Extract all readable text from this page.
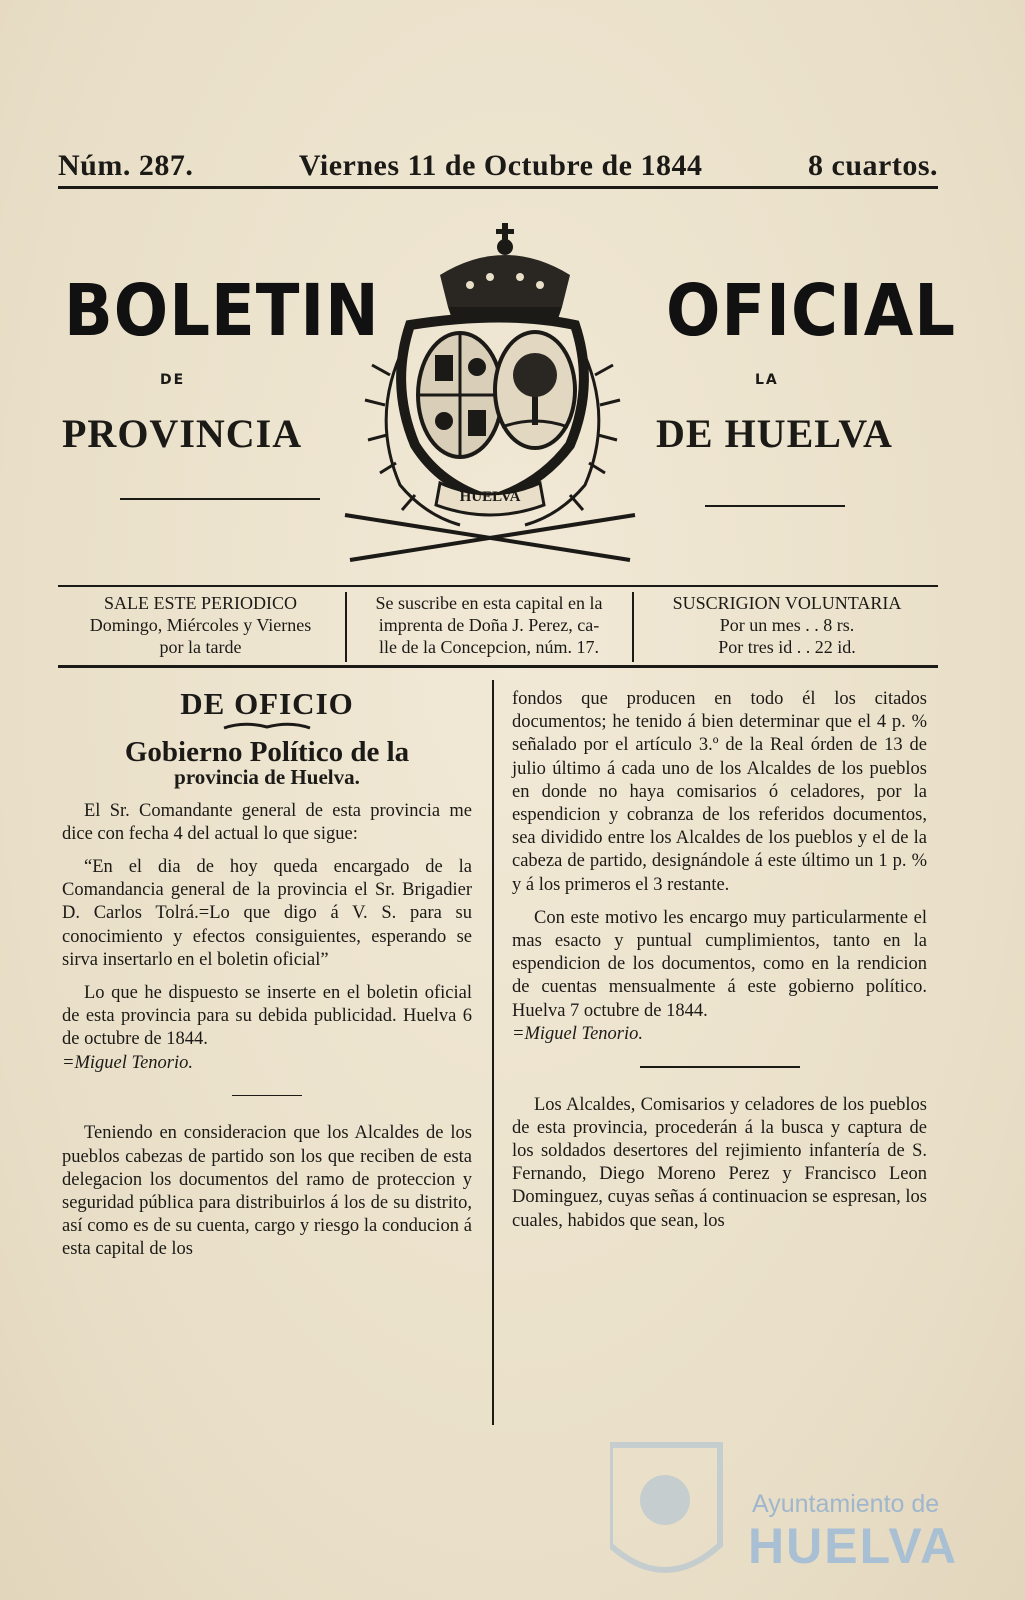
Núm. 287.	Viernes 11 de Octubre de 1844	8 cuartos.
BOLETIN	OFICIAL
DE	LA
PROVINCIA	DE HUELVA
HUELVA
SALE ESTE PERIODICO
Domingo, Miércoles y Viernes
por la tarde
Se suscribe en esta capital en la
imprenta de Doña J. Perez, ca-
lle de la Concepcion, núm. 17.
SUSCRIGION VOLUNTARIA
Por un mes . . 8 rs.
Por tres id . . 22 id.
DE OFICIO
Gobierno Político de la
provincia de Huelva.

El Sr. Comandante general de esta provincia me dice con fecha 4 del actual lo que sigue:

“En el dia de hoy queda encargado de la Comandancia general de la provincia el Sr. Brigadier D. Carlos Tolrá.=Lo que digo á V. S. para su conocimiento y efectos consiguientes, esperando se sirva insertarlo en el boletin oficial”

Lo que he dispuesto se inserte en el boletin oficial de esta provincia para su debida publicidad. Huelva 6 de octubre de 1844.

=Miguel Tenorio.

Teniendo en consideracion que los Alcaldes de los pueblos cabezas de partido son los que reciben de esta delegacion los documentos del ramo de proteccion y seguridad pública para distribuirlos á los de su distrito, así como es de su cuenta, cargo y riesgo la conducion á esta capital de los

fondos que producen en todo él los citados documentos; he tenido á bien determinar que el 4 p. % señalado por el artículo 3.º de la Real órden de 13 de julio último á cada uno de los Alcaldes de los pueblos en donde no haya comisarios ó celadores, por la espendicion y cobranza de los referidos documentos, sea dividido entre los Alcaldes de los pueblos y el de la cabeza de partido, designándole á este último un 1 p. % y á los primeros el 3 restante.

Con este motivo les encargo muy particularmente el mas esacto y puntual cumplimientos, tanto en la espendicion de los documentos, como en la rendicion de cuentas mensualmente á este gobierno político. Huelva 7 octubre de 1844.

=Miguel Tenorio.

Los Alcaldes, Comisarios y celadores de los pueblos de esta provincia, procederán á la busca y captura de los soldados desertores del rejimiento infantería de S. Fernando, Diego Moreno Perez y Francisco Leon Dominguez, cuyas señas á continuacion se espresan, los cuales, habidos que sean, los

Ayuntamiento de
HUELVA
